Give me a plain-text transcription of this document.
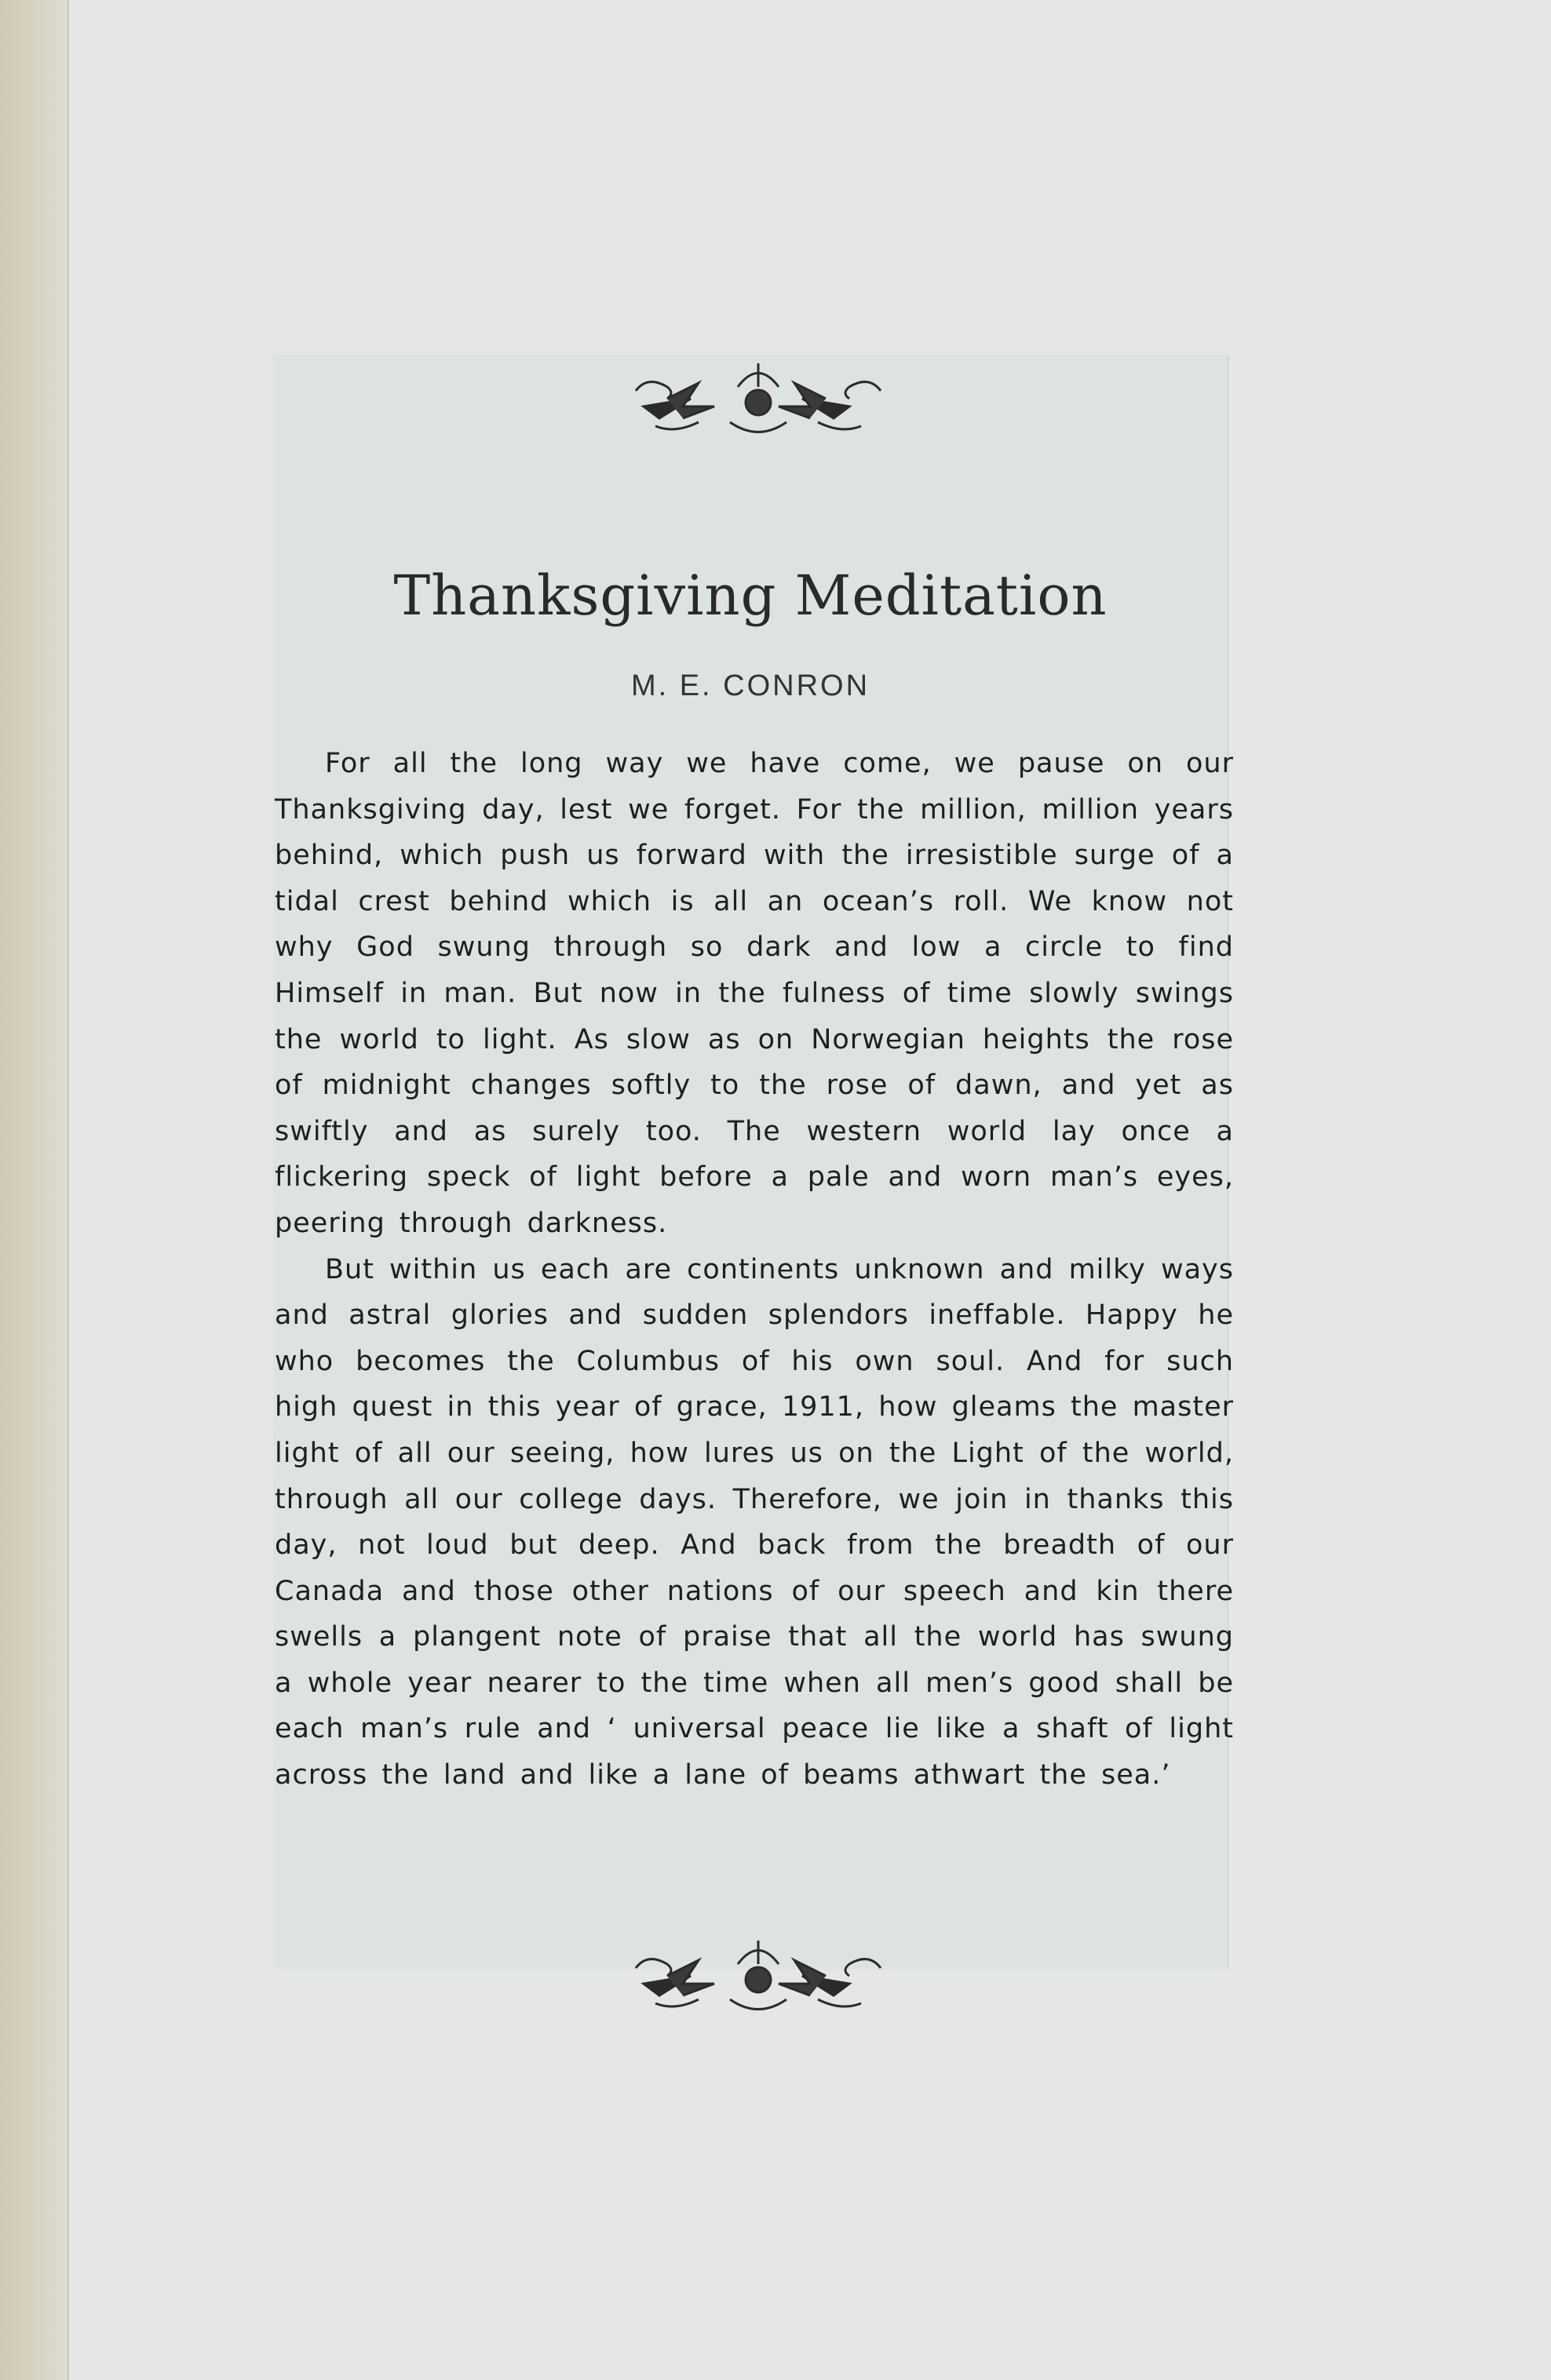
Thanksgiving Meditation
M. E. CONRON

For all the long way we have come, we pause on our Thanksgiving day, lest we forget. For the million, million years behind, which push us forward with the irresistible surge of a tidal crest behind which is all an ocean’s roll. We know not why God swung through so dark and low a circle to find Himself in man. But now in the fulness of time slowly swings the world to light. As slow as on Norwegian heights the rose of midnight changes softly to the rose of dawn, and yet as swiftly and as surely too. The western world lay once a flickering speck of light before a pale and worn man’s eyes, peering through darkness.

But within us each are continents unknown and milky ways and astral glories and sudden splendors ineffable. Happy he who becomes the Columbus of his own soul. And for such high quest in this year of grace, 1911, how gleams the master light of all our seeing, how lures us on the Light of the world, through all our college days. Therefore, we join in thanks this day, not loud but deep. And back from the breadth of our Canada and those other nations of our speech and kin there swells a plangent note of praise that all the world has swung a whole year nearer to the time when all men’s good shall be each man’s rule and ‘ universal peace lie like a shaft of light across the land and like a lane of beams athwart the sea.’
